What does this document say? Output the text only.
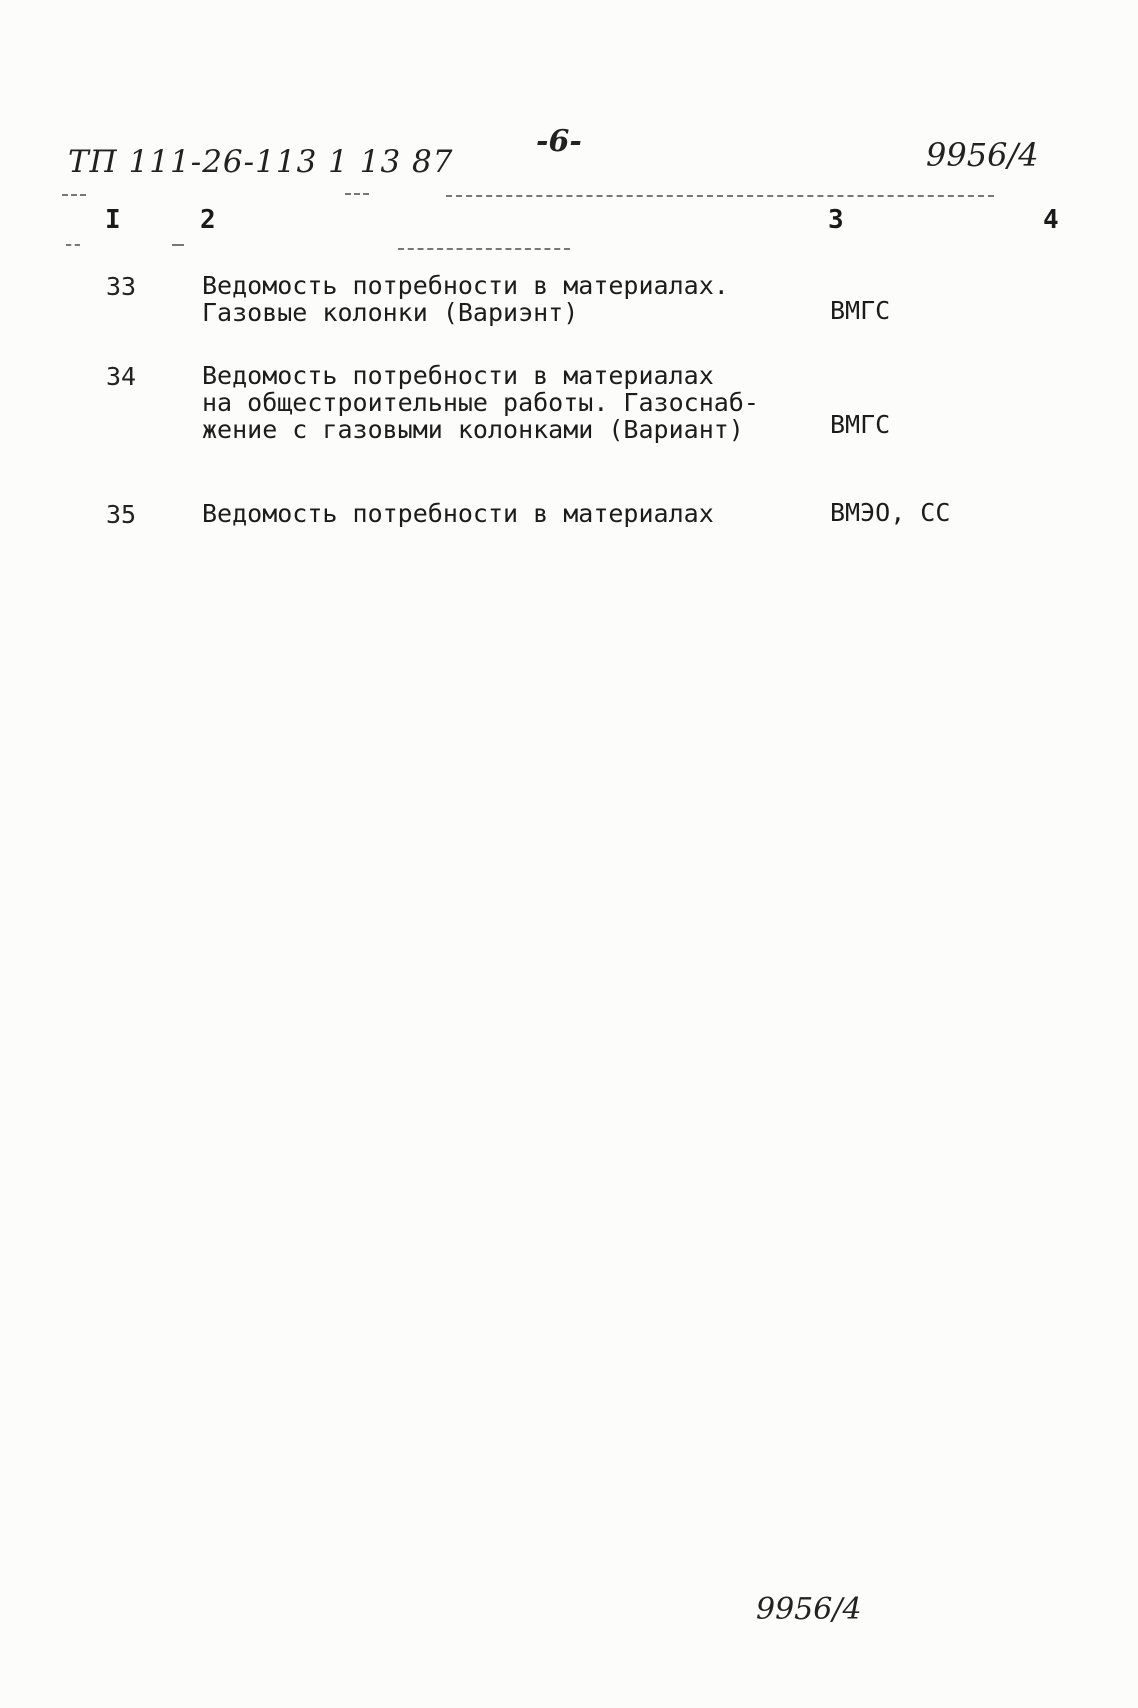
ТП 111-26-113 1 13 87
-6-	9956/4
I	2	3	4
33	Ведомость потребности в материалах.
Газовые колонки (Вариэнт)	ВМГС
34	Ведомость потребности в материалах
на общестроительные работы. Газоснаб-
жение с газовыми колонками (Вариант)	ВМГС
35	Ведомость потребности в материалах	ВМЭО, СС
9956/4
